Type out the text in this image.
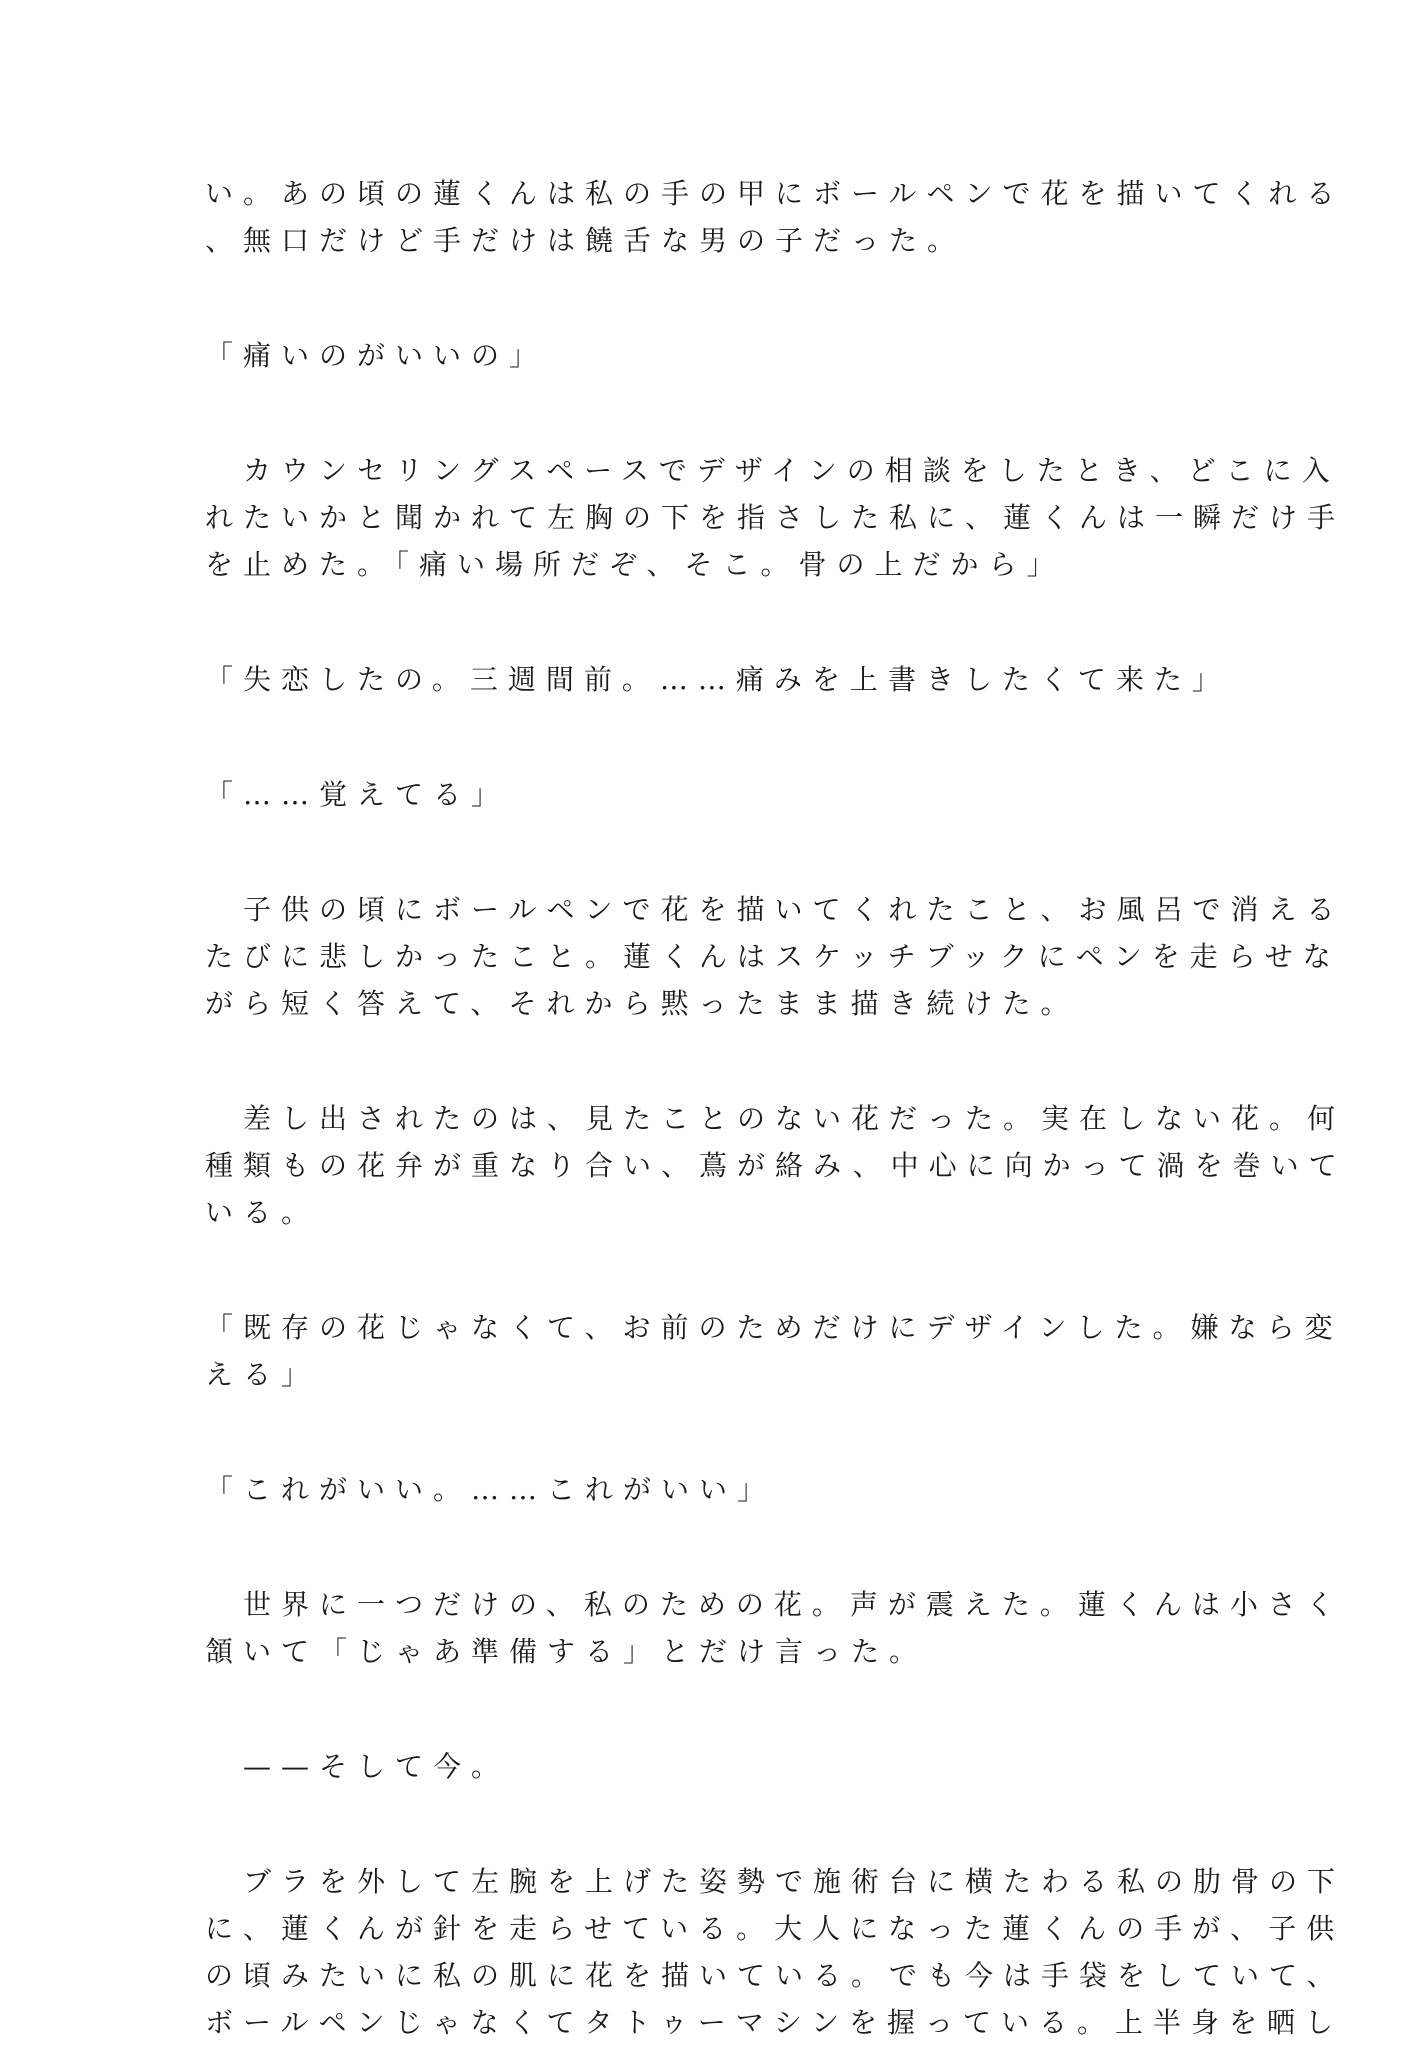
い。あの頃の蓮くんは私の手の甲にボールペンで花を描いてくれる
、無口だけど手だけは饒舌な男の子だった。
「痛いのがいいの」
　カウンセリングスペースでデザインの相談をしたとき、どこに入
れたいかと聞かれて左胸の下を指さした私に、蓮くんは一瞬だけ手
を止めた。「痛い場所だぞ、そこ。骨の上だから」
「失恋したの。三週間前。……痛みを上書きしたくて来た」
「……覚えてる」
　子供の頃にボールペンで花を描いてくれたこと、お風呂で消える
たびに悲しかったこと。蓮くんはスケッチブックにペンを走らせな
がら短く答えて、それから黙ったまま描き続けた。
　差し出されたのは、見たことのない花だった。実在しない花。何
種類もの花弁が重なり合い、蔦が絡み、中心に向かって渦を巻いて
いる。
「既存の花じゃなくて、お前のためだけにデザインした。嫌なら変
える」
「これがいい。……これがいい」
　世界に一つだけの、私のための花。声が震えた。蓮くんは小さく
頷いて「じゃあ準備する」とだけ言った。
　——そして今。
　ブラを外して左腕を上げた姿勢で施術台に横たわる私の肋骨の下
に、蓮くんが針を走らせている。大人になった蓮くんの手が、子供
の頃みたいに私の肌に花を描いている。でも今は手袋をしていて、
ボールペンじゃなくてタトゥーマシンを握っている。上半身を晒し
